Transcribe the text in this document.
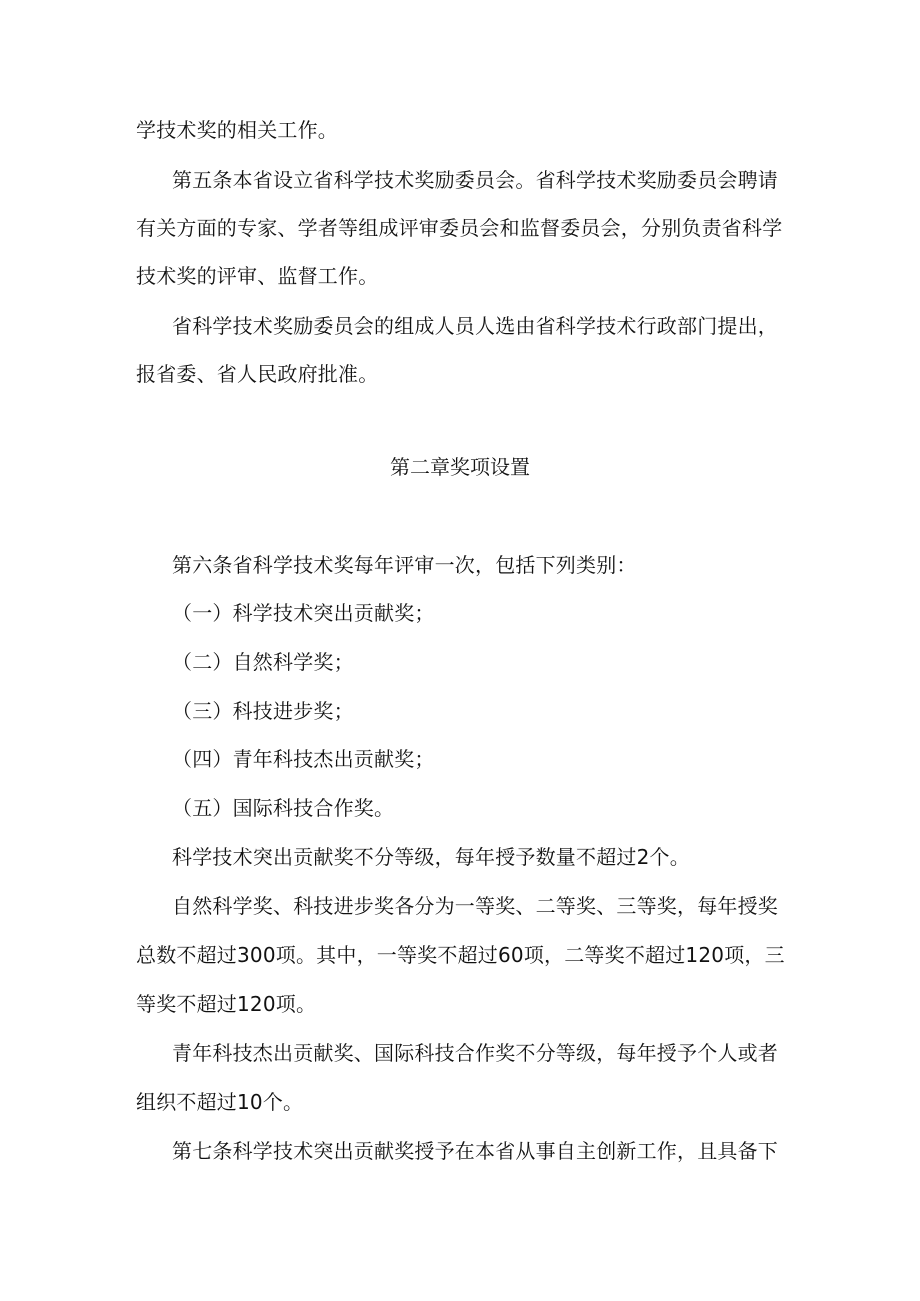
学技术奖的相关工作。
第五条本省设立省科学技术奖励委员会。省科学技术奖励委员会聘请
有关方面的专家、学者等组成评审委员会和监督委员会，分别负责省科学
技术奖的评审、监督工作。
省科学技术奖励委员会的组成人员人选由省科学技术行政部门提出，
报省委、省人民政府批准。
第二章奖项设置
第六条省科学技术奖每年评审一次，包括下列类别：
（一）科学技术突出贡献奖；
（二）自然科学奖；
（三）科技进步奖；
（四）青年科技杰出贡献奖；
（五）国际科技合作奖。
科学技术突出贡献奖不分等级，每年授予数量不超过2个。
自然科学奖、科技进步奖各分为一等奖、二等奖、三等奖，每年授奖
总数不超过300项。其中，一等奖不超过60项，二等奖不超过120项，三
等奖不超过120项。
青年科技杰出贡献奖、国际科技合作奖不分等级，每年授予个人或者
组织不超过10个。
第七条科学技术突出贡献奖授予在本省从事自主创新工作，且具备下
